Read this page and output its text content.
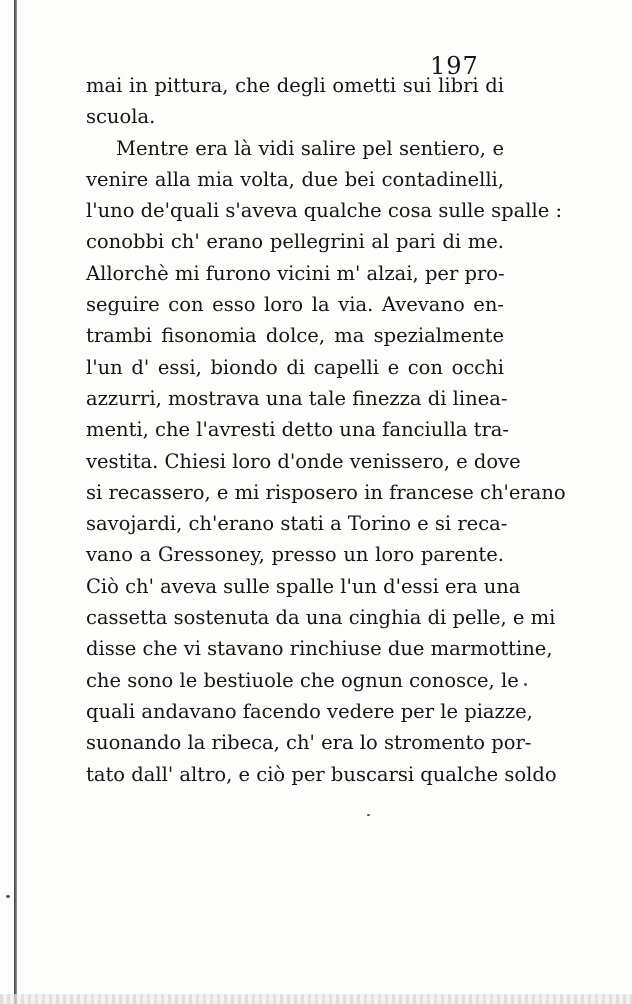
197
mai in pittura, che degli ometti sui libri di
scuola.
Mentre era là vidi salire pel sentiero, e
venire alla mia volta, due bei contadinelli,
l'uno de'quali s'aveva qualche cosa sulle spalle :
conobbi ch' erano pellegrini al pari di me.
Allorchè mi furono vicini m' alzai, per pro-
seguire con esso loro la via. Avevano en-
trambi fisonomia dolce, ma spezialmente
l'un d' essi, biondo di capelli e con occhi
azzurri, mostrava una tale finezza di linea-
menti, che l'avresti detto una fanciulla tra-
vestita. Chiesi loro d'onde venissero, e dove
si recassero, e mi risposero in francese ch'erano
savojardi, ch'erano stati a Torino e si reca-
vano a Gressoney, presso un loro parente.
Ciò ch' aveva sulle spalle l'un d'essi era una
cassetta sostenuta da una cinghia di pelle, e mi
disse che vi stavano rinchiuse due marmottine,
che sono le bestiuole che ognun conosce, le
quali andavano facendo vedere per le piazze,
suonando la ribeca, ch' era lo stromento por-
tato dall' altro, e ciò per buscarsi qualche soldo
